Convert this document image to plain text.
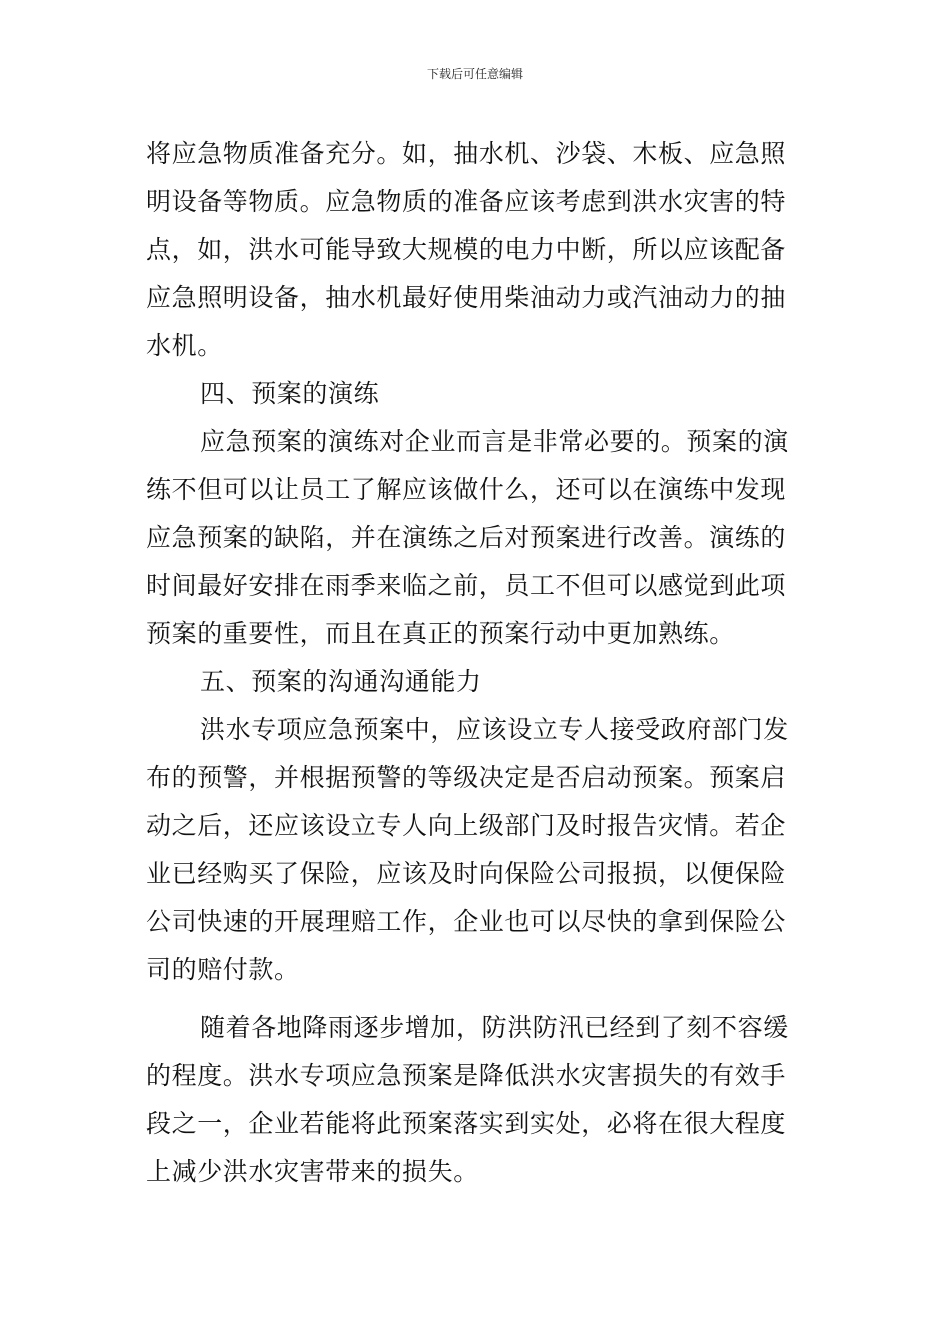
下载后可任意编辑
将应急物质准备充分。如，抽水机、沙袋、木板、应急照
明设备等物质。应急物质的准备应该考虑到洪水灾害的特
点，如，洪水可能导致大规模的电力中断，所以应该配备
应急照明设备，抽水机最好使用柴油动力或汽油动力的抽
水机。
四、预案的演练
应急预案的演练对企业而言是非常必要的。预案的演
练不但可以让员工了解应该做什么，还可以在演练中发现
应急预案的缺陷，并在演练之后对预案进行改善。演练的
时间最好安排在雨季来临之前，员工不但可以感觉到此项
预案的重要性，而且在真正的预案行动中更加熟练。
五、预案的沟通沟通能力
洪水专项应急预案中，应该设立专人接受政府部门发
布的预警，并根据预警的等级决定是否启动预案。预案启
动之后，还应该设立专人向上级部门及时报告灾情。若企
业已经购买了保险，应该及时向保险公司报损，以便保险
公司快速的开展理赔工作，企业也可以尽快的拿到保险公
司的赔付款。
随着各地降雨逐步增加，防洪防汛已经到了刻不容缓
的程度。洪水专项应急预案是降低洪水灾害损失的有效手
段之一，企业若能将此预案落实到实处，必将在很大程度
上减少洪水灾害带来的损失。
